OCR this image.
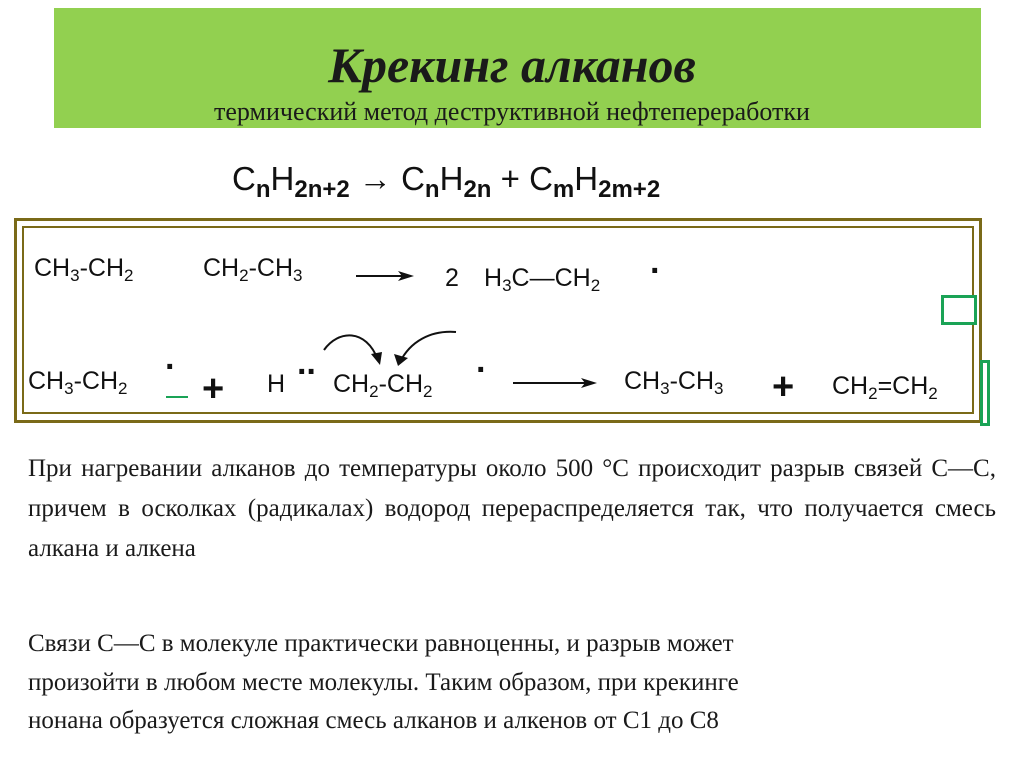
Крекинг алканов
термический метод деструктивной нефтепереработки
$C_nH_{2n+2} \to C_nH_{2n} + C_mH_{2m+2}$
$CH_3-CH_2$	$CH_2-CH_3$	2 $H_3C—CH_2$ ·
$CH_3-CH_2$
·
+ $H \cdot\cdot CH_2-CH_2$
·	$CH_3-CH_3 + CH_2=CH_2$
При нагревании алканов до температуры около 500 °С происходит разрыв связей С—С, причем в осколках (радикалах) водород перераспределяется так, что получается смесь алкана и алкена
Связи С—С в молекуле практически равноценны, и разрыв может
произойти в любом месте молекулы. Таким образом, при крекинге
нонана образуется сложная смесь алканов и алкенов от С1 до С8
